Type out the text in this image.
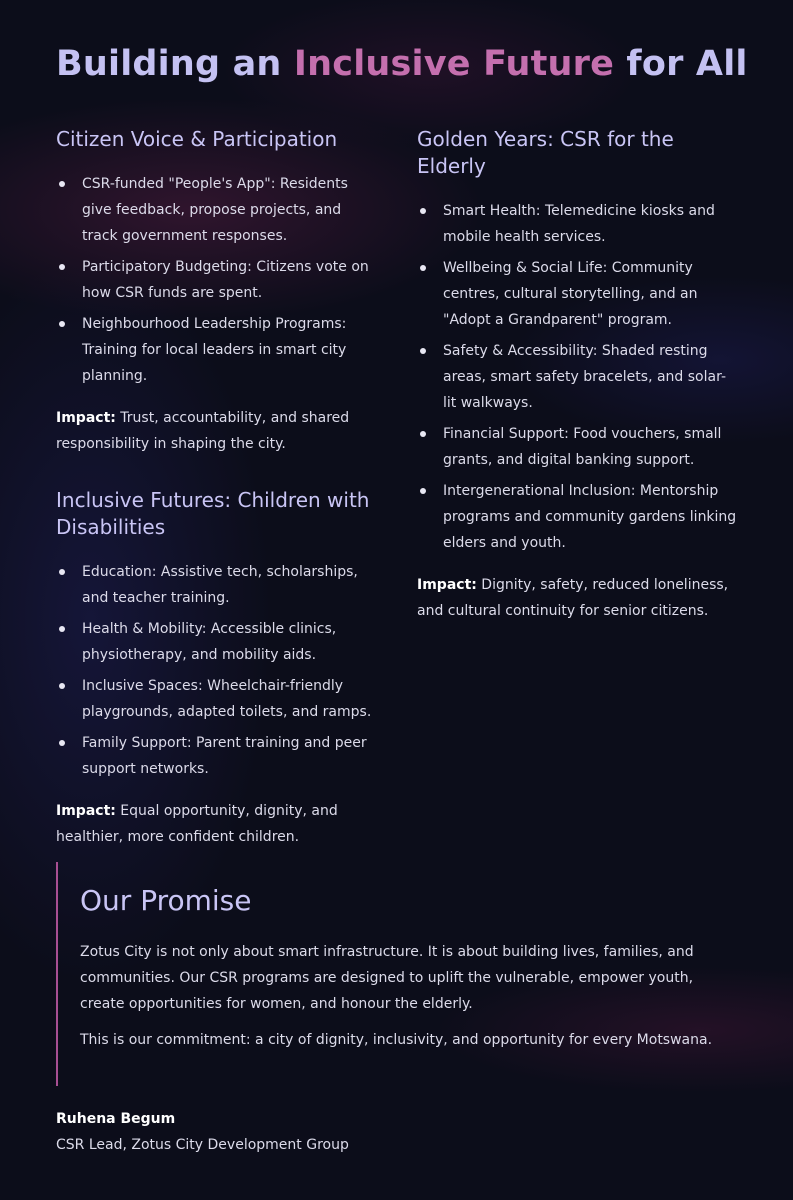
Building an Inclusive Future for All
Citizen Voice & Participation
CSR-funded "People's App": Residents give feedback, propose projects, and track government responses.
Participatory Budgeting: Citizens vote on how CSR funds are spent.
Neighbourhood Leadership Programs: Training for local leaders in smart city planning.

Impact: Trust, accountability, and shared responsibility in shaping the city.

Inclusive Futures: Children with Disabilities
Education: Assistive tech, scholarships, and teacher training.
Health & Mobility: Accessible clinics, physiotherapy, and mobility aids.
Inclusive Spaces: Wheelchair-friendly playgrounds, adapted toilets, and ramps.
Family Support: Parent training and peer support networks.

Impact: Equal opportunity, dignity, and healthier, more confident children.

Golden Years: CSR for the Elderly
Smart Health: Telemedicine kiosks and mobile health services.
Wellbeing & Social Life: Community centres, cultural storytelling, and an "Adopt a Grandparent" program.
Safety & Accessibility: Shaded resting areas, smart safety bracelets, and solar-lit walkways.
Financial Support: Food vouchers, small grants, and digital banking support.
Intergenerational Inclusion: Mentorship programs and community gardens linking elders and youth.

Impact: Dignity, safety, reduced loneliness, and cultural continuity for senior citizens.

Our Promise

Zotus City is not only about smart infrastructure. It is about building lives, families, and communities. Our CSR programs are designed to uplift the vulnerable, empower youth, create opportunities for women, and honour the elderly.

This is our commitment: a city of dignity, inclusivity, and opportunity for every Motswana.

Ruhena Begum
CSR Lead, Zotus City Development Group
